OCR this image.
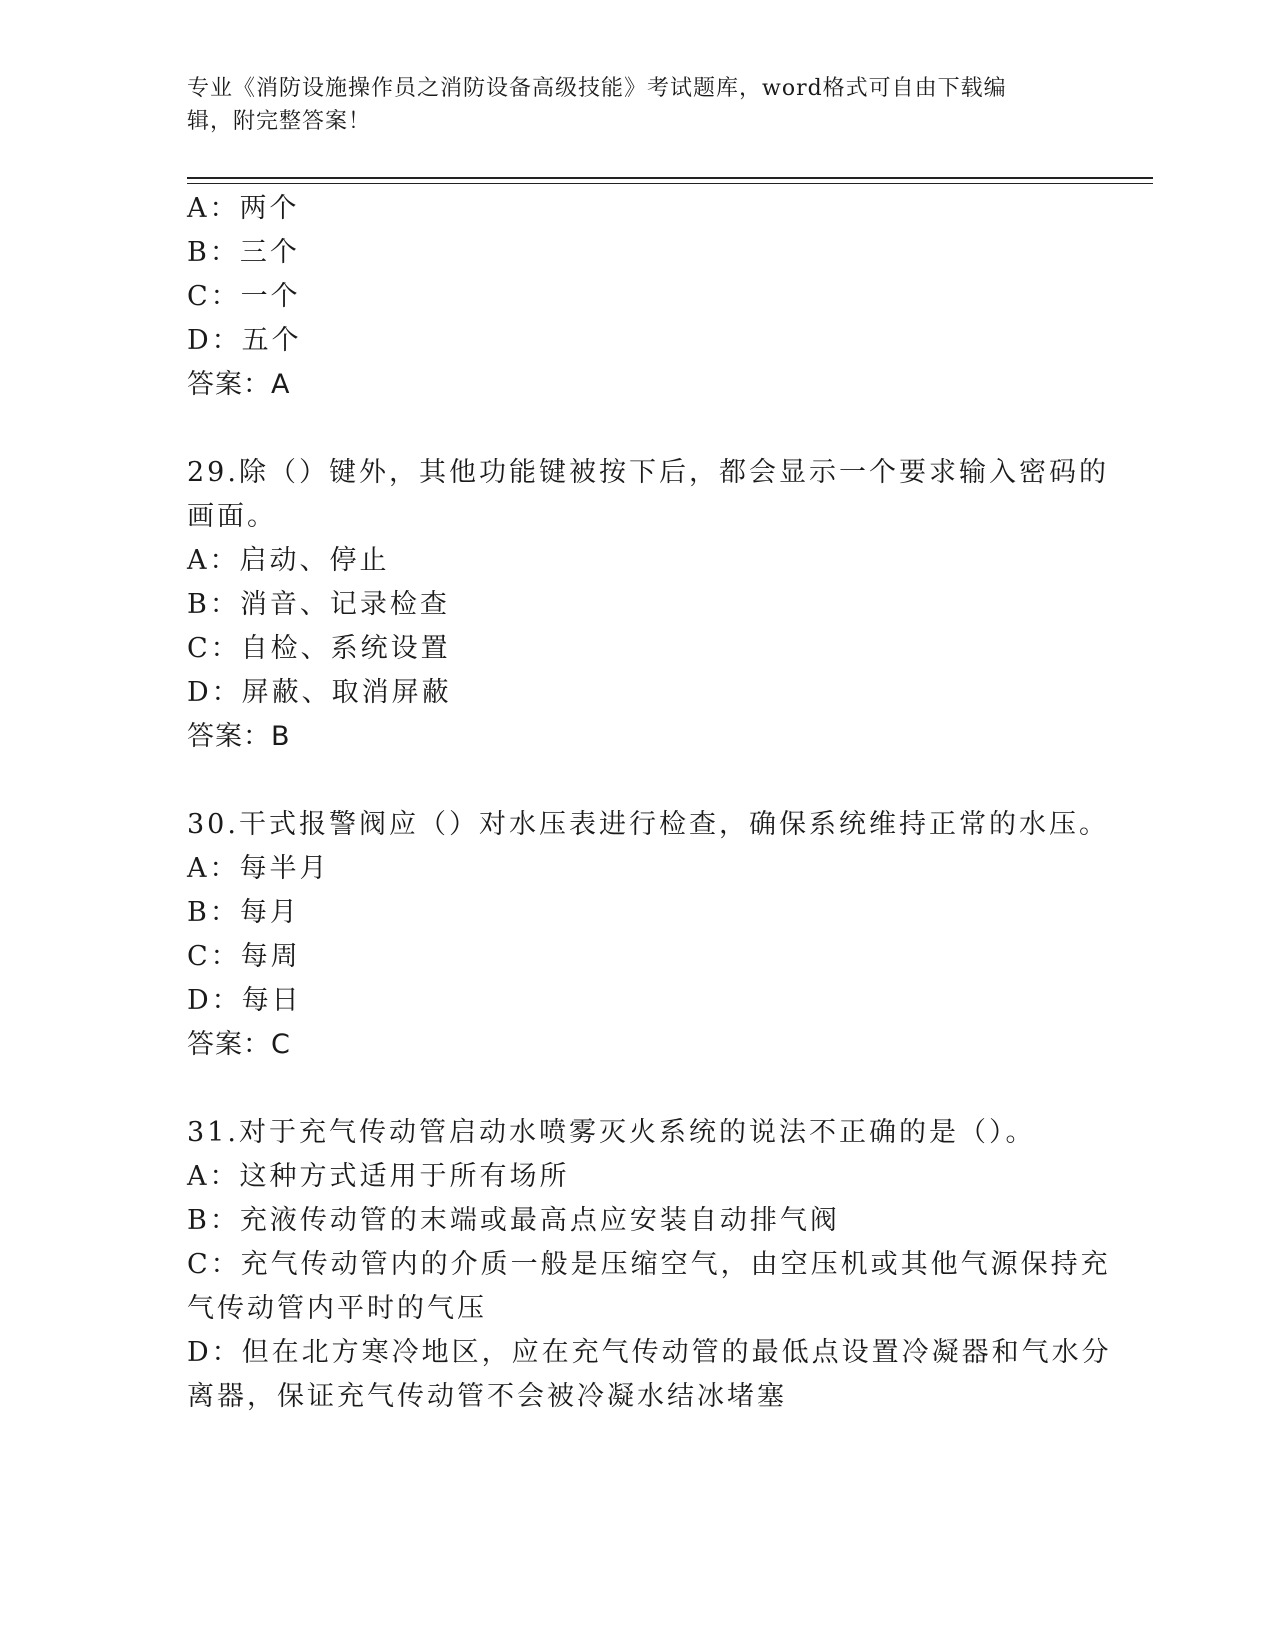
专业《消防设施操作员之消防设备高级技能》考试题库，word格式可自由下载编
辑，附完整答案！
A：两个
B：三个
C：一个
D：五个
答案：A
29.除（）键外，其他功能键被按下后，都会显示一个要求输入密码的
画面。
A：启动、停止
B：消音、记录检查
C：自检、系统设置
D：屏蔽、取消屏蔽
答案：B
30.干式报警阀应（）对水压表进行检查，确保系统维持正常的水压。
A：每半月
B：每月
C：每周
D：每日
答案：C
31.对于充气传动管启动水喷雾灭火系统的说法不正确的是（）。
A：这种方式适用于所有场所
B：充液传动管的末端或最高点应安装自动排气阀
C：充气传动管内的介质一般是压缩空气，由空压机或其他气源保持充
气传动管内平时的气压
D：但在北方寒冷地区，应在充气传动管的最低点设置冷凝器和气水分
离器，保证充气传动管不会被冷凝水结冰堵塞
